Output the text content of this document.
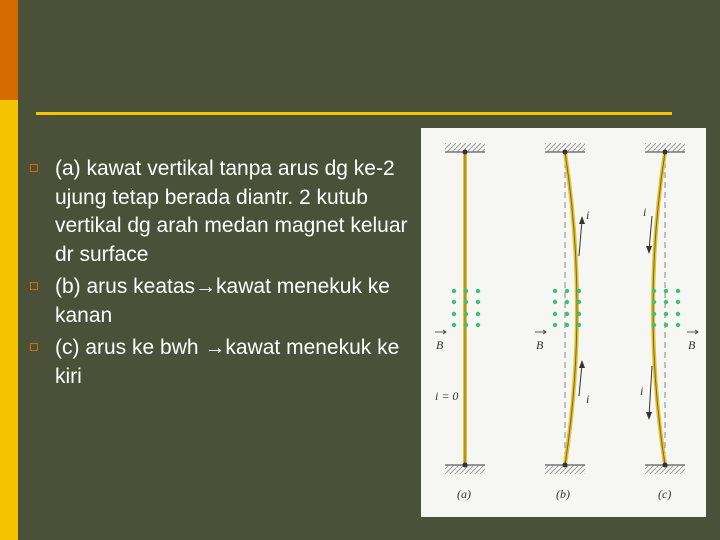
(a) kawat vertikal tanpa arus dg ke-2 ujung tetap berada diantr. 2 kutub vertikal dg arah medan magnet keluar dr surface
(b) arus keatas→kawat menekuk ke kanan
(c) arus ke bwh →kawat menekuk ke kiri
B
i = 0
(a)
i
i
B
(b)
i
i
B
(c)
